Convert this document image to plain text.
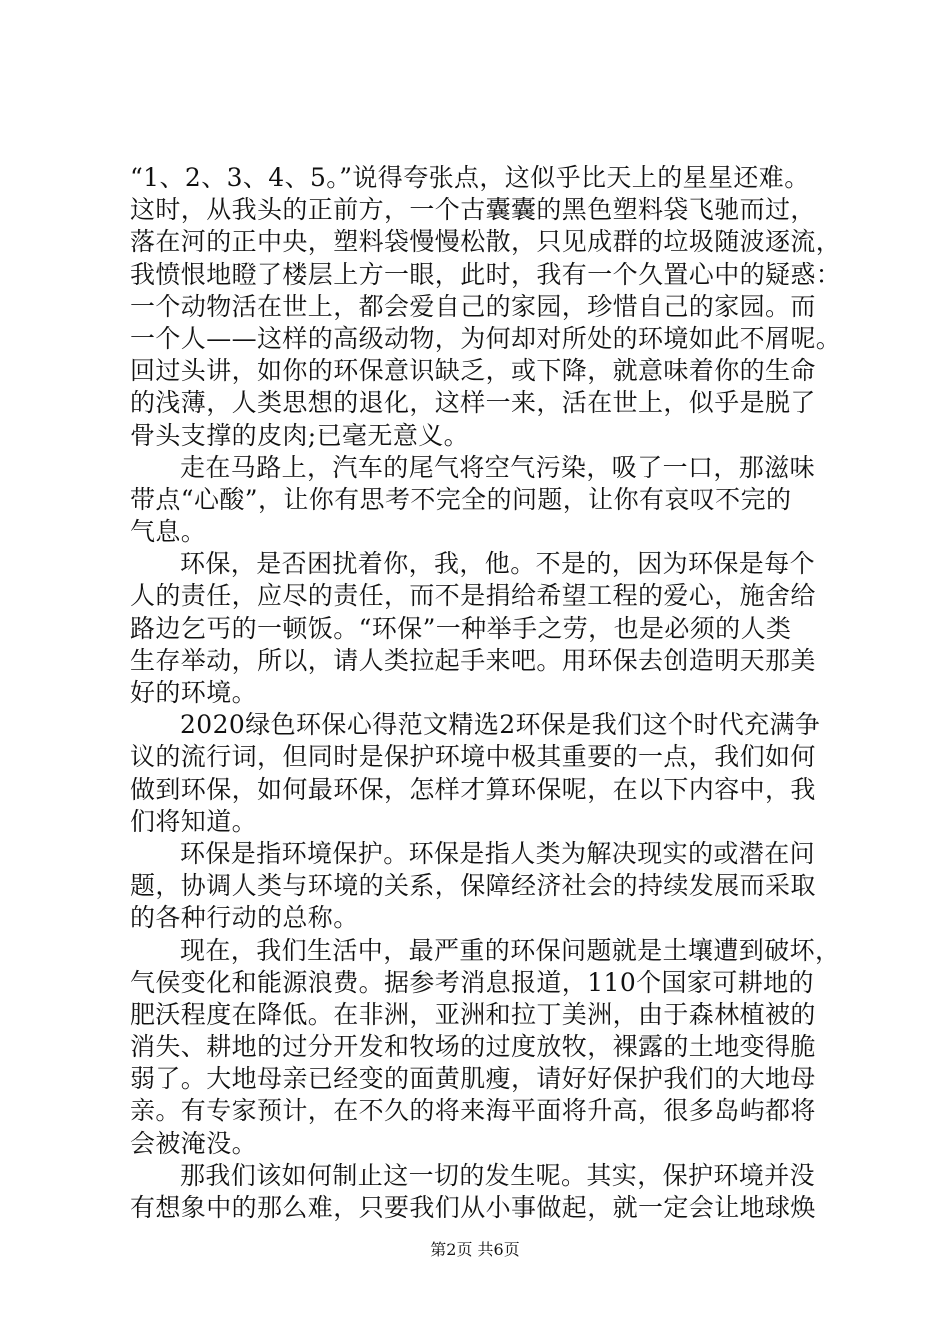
“1、2、3、4、5。”说得夸张点，这似乎比天上的星星还难。
这时，从我头的正前方，一个古囊囊的黑色塑料袋飞驰而过，
落在河的正中央，塑料袋慢慢松散，只见成群的垃圾随波逐流，
我愤恨地瞪了楼层上方一眼，此时，我有一个久置心中的疑惑：
一个动物活在世上，都会爱自己的家园，珍惜自己的家园。而
一个人——这样的高级动物，为何却对所处的环境如此不屑呢。
回过头讲，如你的环保意识缺乏，或下降，就意味着你的生命
的浅薄，人类思想的退化，这样一来，活在世上，似乎是脱了
骨头支撑的皮肉;已毫无意义。
走在马路上，汽车的尾气将空气污染，吸了一口，那滋味
带点“心酸”，让你有思考不完全的问题，让你有哀叹不完的
气息。
环保，是否困扰着你，我，他。不是的，因为环保是每个
人的责任，应尽的责任，而不是捐给希望工程的爱心，施舍给
路边乞丐的一顿饭。“环保”一种举手之劳，也是必须的人类
生存举动，所以，请人类拉起手来吧。用环保去创造明天那美
好的环境。
2020绿色环保心得范文精选2环保是我们这个时代充满争
议的流行词，但同时是保护环境中极其重要的一点，我们如何
做到环保，如何最环保，怎样才算环保呢，在以下内容中，我
们将知道。
环保是指环境保护。环保是指人类为解决现实的或潜在问
题，协调人类与环境的关系，保障经济社会的持续发展而采取
的各种行动的总称。
现在，我们生活中，最严重的环保问题就是土壤遭到破坏，
气侯变化和能源浪费。据参考消息报道，110个国家可耕地的
肥沃程度在降低。在非洲，亚洲和拉丁美洲，由于森林植被的
消失、耕地的过分开发和牧场的过度放牧，裸露的土地变得脆
弱了。大地母亲已经变的面黄肌瘦，请好好保护我们的大地母
亲。有专家预计，在不久的将来海平面将升高，很多岛屿都将
会被淹没。
那我们该如何制止这一切的发生呢。其实，保护环境并没
有想象中的那么难，只要我们从小事做起，就一定会让地球焕
第2页 共6页
